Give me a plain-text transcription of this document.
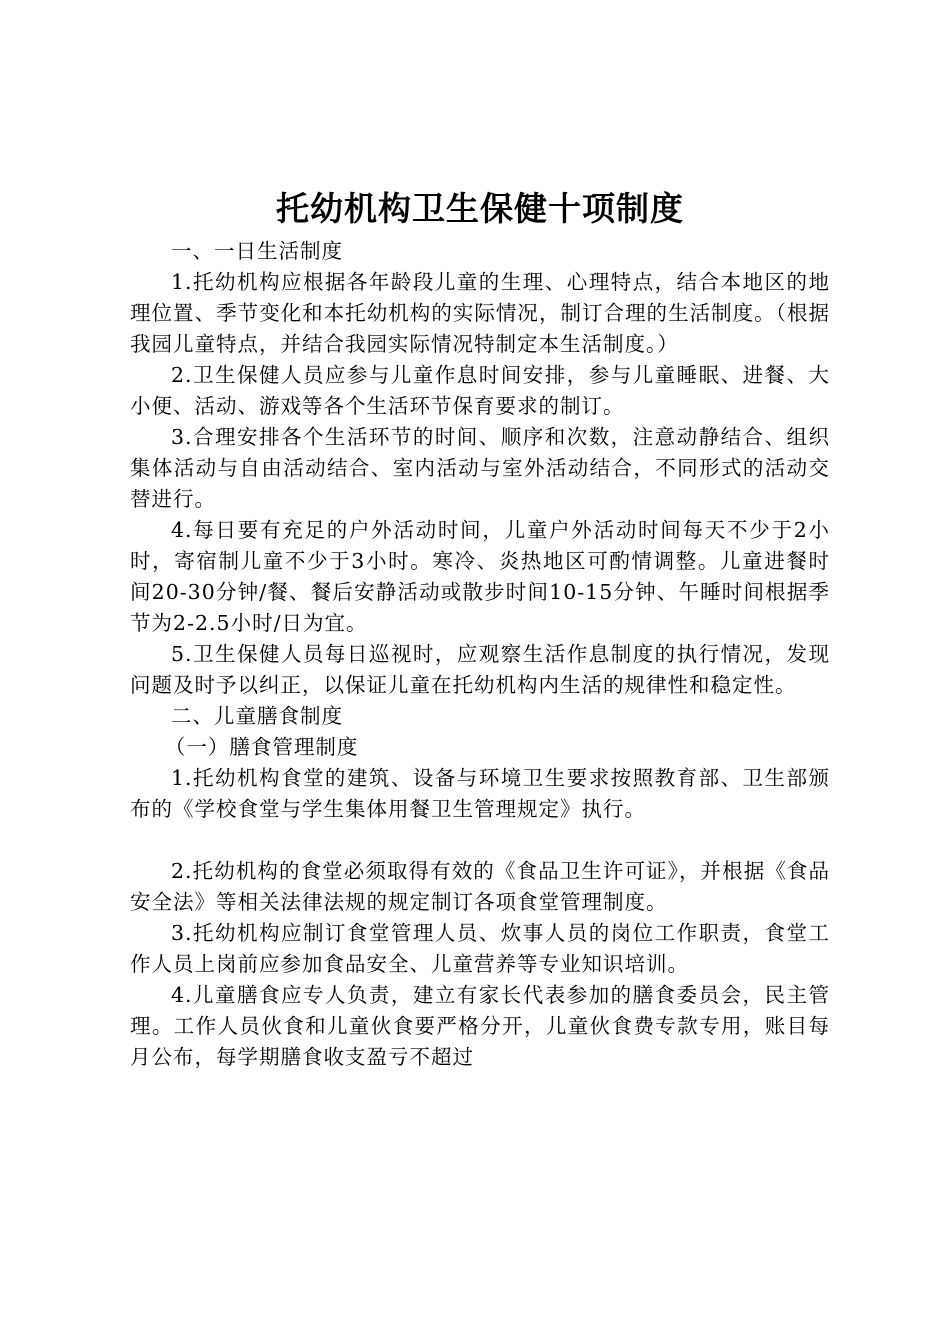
托幼机构卫生保健十项制度

一、一日生活制度

1.托幼机构应根据各年龄段儿童的生理、心理特点，结合本地区的地理位置、季节变化和本托幼机构的实际情况，制订合理的生活制度。（根据我园儿童特点，并结合我园实际情况特制定本生活制度。）

2.卫生保健人员应参与儿童作息时间安排，参与儿童睡眠、进餐、大小便、活动、游戏等各个生活环节保育要求的制订。

3.合理安排各个生活环节的时间、顺序和次数，注意动静结合、组织集体活动与自由活动结合、室内活动与室外活动结合，不同形式的活动交替进行。

4.每日要有充足的户外活动时间，儿童户外活动时间每天不少于2小时，寄宿制儿童不少于3小时。寒冷、炎热地区可酌情调整。儿童进餐时间20-30分钟/餐、餐后安静活动或散步时间10-15分钟、午睡时间根据季节为2-2.5小时/日为宜。

5.卫生保健人员每日巡视时，应观察生活作息制度的执行情况，发现问题及时予以纠正，以保证儿童在托幼机构内生活的规律性和稳定性。

二、儿童膳食制度

（一）膳食管理制度

1.托幼机构食堂的建筑、设备与环境卫生要求按照教育部、卫生部颁布的《学校食堂与学生集体用餐卫生管理规定》执行。

2.托幼机构的食堂必须取得有效的《食品卫生许可证》，并根据《食品安全法》等相关法律法规的规定制订各项食堂管理制度。

3.托幼机构应制订食堂管理人员、炊事人员的岗位工作职责，食堂工作人员上岗前应参加食品安全、儿童营养等专业知识培训。

4.儿童膳食应专人负责，建立有家长代表参加的膳食委员会，民主管理。工作人员伙食和儿童伙食要严格分开，儿童伙食费专款专用，账目每月公布，每学期膳食收支盈亏不超过
